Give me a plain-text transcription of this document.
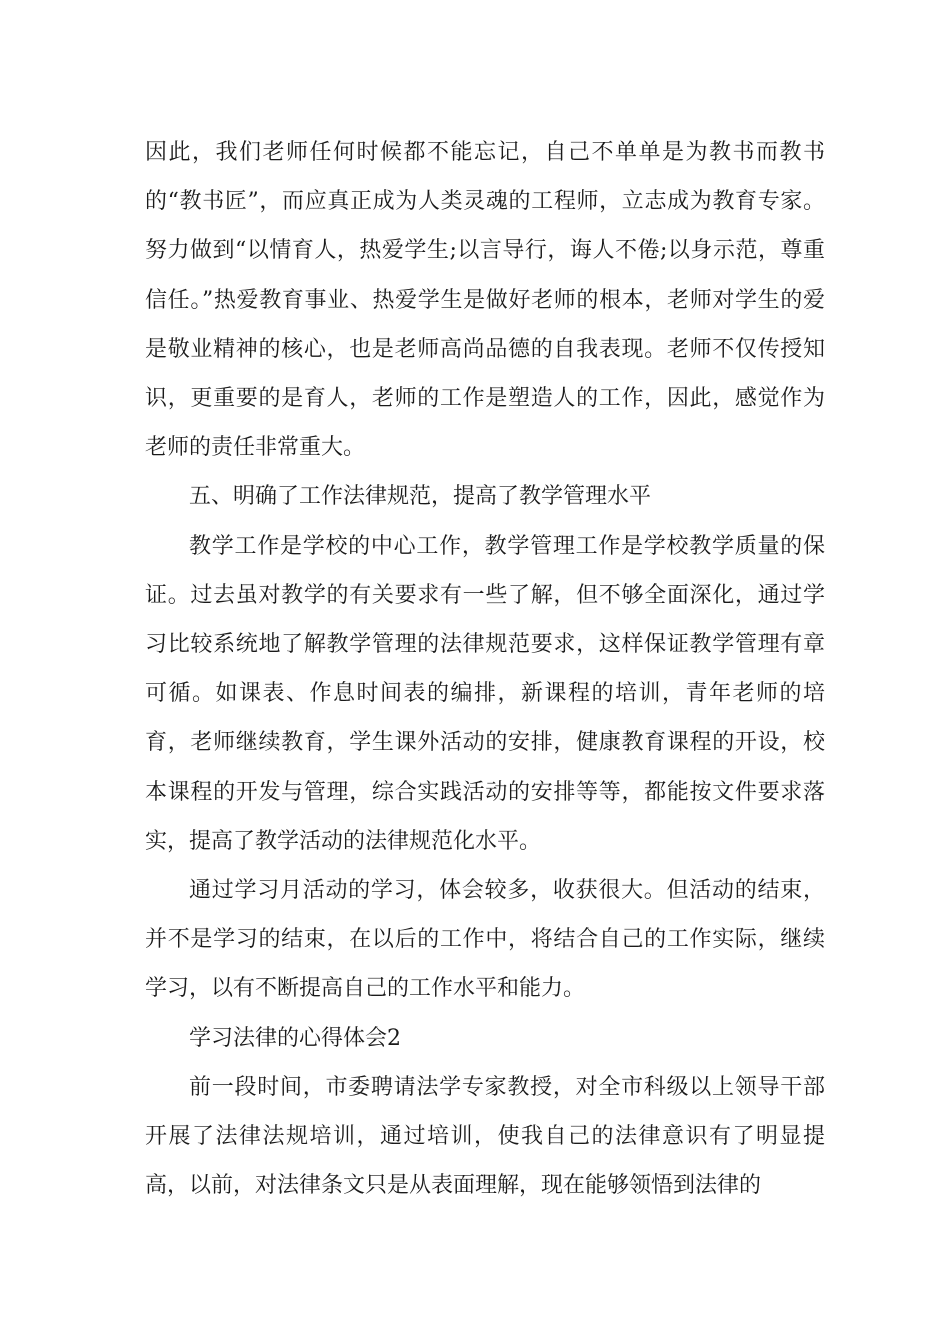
因此，我们老师任何时候都不能忘记，自己不单单是为教书而教书的“教书匠”，而应真正成为人类灵魂的工程师，立志成为教育专家。努力做到“以情育人，热爱学生;以言导行，诲人不倦;以身示范，尊重信任。”热爱教育事业、热爱学生是做好老师的根本，老师对学生的爱是敬业精神的核心，也是老师高尚品德的自我表现。老师不仅传授知识，更重要的是育人，老师的工作是塑造人的工作，因此，感觉作为老师的责任非常重大。

五、明确了工作法律规范，提高了教学管理水平

教学工作是学校的中心工作，教学管理工作是学校教学质量的保证。过去虽对教学的有关要求有一些了解，但不够全面深化，通过学习比较系统地了解教学管理的法律规范要求，这样保证教学管理有章可循。如课表、作息时间表的编排，新课程的培训，青年老师的培育，老师继续教育，学生课外活动的安排，健康教育课程的开设，校本课程的开发与管理，综合实践活动的安排等等，都能按文件要求落实，提高了教学活动的法律规范化水平。

通过学习月活动的学习，体会较多，收获很大。但活动的结束，并不是学习的结束，在以后的工作中，将结合自己的工作实际，继续学习，以有不断提高自己的工作水平和能力。

学习法律的心得体会2

前一段时间，市委聘请法学专家教授，对全市科级以上领导干部开展了法律法规培训，通过培训，使我自己的法律意识有了明显提高，以前，对法律条文只是从表面理解，现在能够领悟到法律的
